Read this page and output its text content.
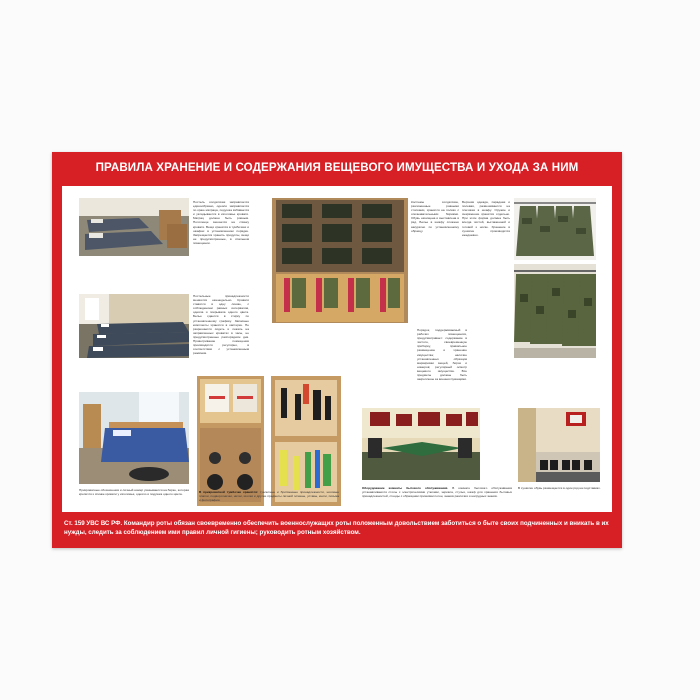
ПРАВИЛА ХРАНЕНИЕ И СОДЕРЖАНИЯ ВЕЩЕВОГО ИМУЩЕСТВА И УХОДА ЗА НИМ
Постель солдатская заправляется единообразно, одеяло заправляется по краю матраца, подушка взбивается и укладывается в изголовье кровати. Матрац должен быть ровным. Полотенце вешается на спинку кровати. Вещи хранятся в тумбочках и шкафах в установленном порядке. Запрещается хранить продукты, вещи не предусмотренные, в спальном помещении.
Костюмы солдатские, разложенные ровными стопками, хранятся на полках с опознавательными бирками. Обувь начищена и выставлена в ряд. Белье в шкафу сложено аккуратно по установленному образцу.
Верхняя одежда, парадная и полевая, развешивается на плечиках в шкафу. Оружие и снаряжение хранятся отдельно. При этом форма должна быть всегда чистой, выглаженной и готовой к носке. Хранение в сушилке производится ежедневно.
Постельные принадлежности меняются еженедельно. Кровати ставятся в одну линию, с соблюдением равных интервалов, одеяла и покрывала одного цвета. Белье сдается в стирку по установленному графику. Запасные комплекты хранятся в каптерке. Не разрешается сидеть и лежать на заправленных кроватях в часы, не предусмотренные распорядком дня. Проветривание помещения производится регулярно, в соответствии с установленным режимом.
Порядок, поддерживаемый в рабочих помещениях, предусматривает: содержание в чистоте, своевременную приборку, правильное размещение и хранение имущества; наличие установленных образцов маркировки вещей, бирок и номеров; регулярный осмотр вещевого имущества. Все предметы должны быть закреплены за военнослужащими.
Прикроватные обозначения и личный номер указываются на бирке, которая крепится к спинке кровати у изголовья, одеяло и подушка одного цвета.
Оборудование комнаты бытового обслуживания. В комнате бытового обслуживания устанавливаются столы с электрическими утюгами, зеркала, стулья, шкаф для хранения бытовых принадлежностей, стенды с образцами пришивки погон, знаков различия и нагрудных знаков.
В сушилке обувь размещается в один ряд на подставках.
В прикроватной тумбочке хранятся: туалетные и бритвенные принадлежности, носовые платки, подворотнички, нитки, иголки и другие предметы личной гигиены, уставы, книги, письма и фотографии.
Ст. 159 УВС ВС РФ. Командир роты обязан своевременно обеспечить военнослужащих роты положенным довольствием заботиться о быте своих подчиненных и вникать в их нужды, следить за соблюдением ими правил личной гигиены; руководить ротным хозяйством.
